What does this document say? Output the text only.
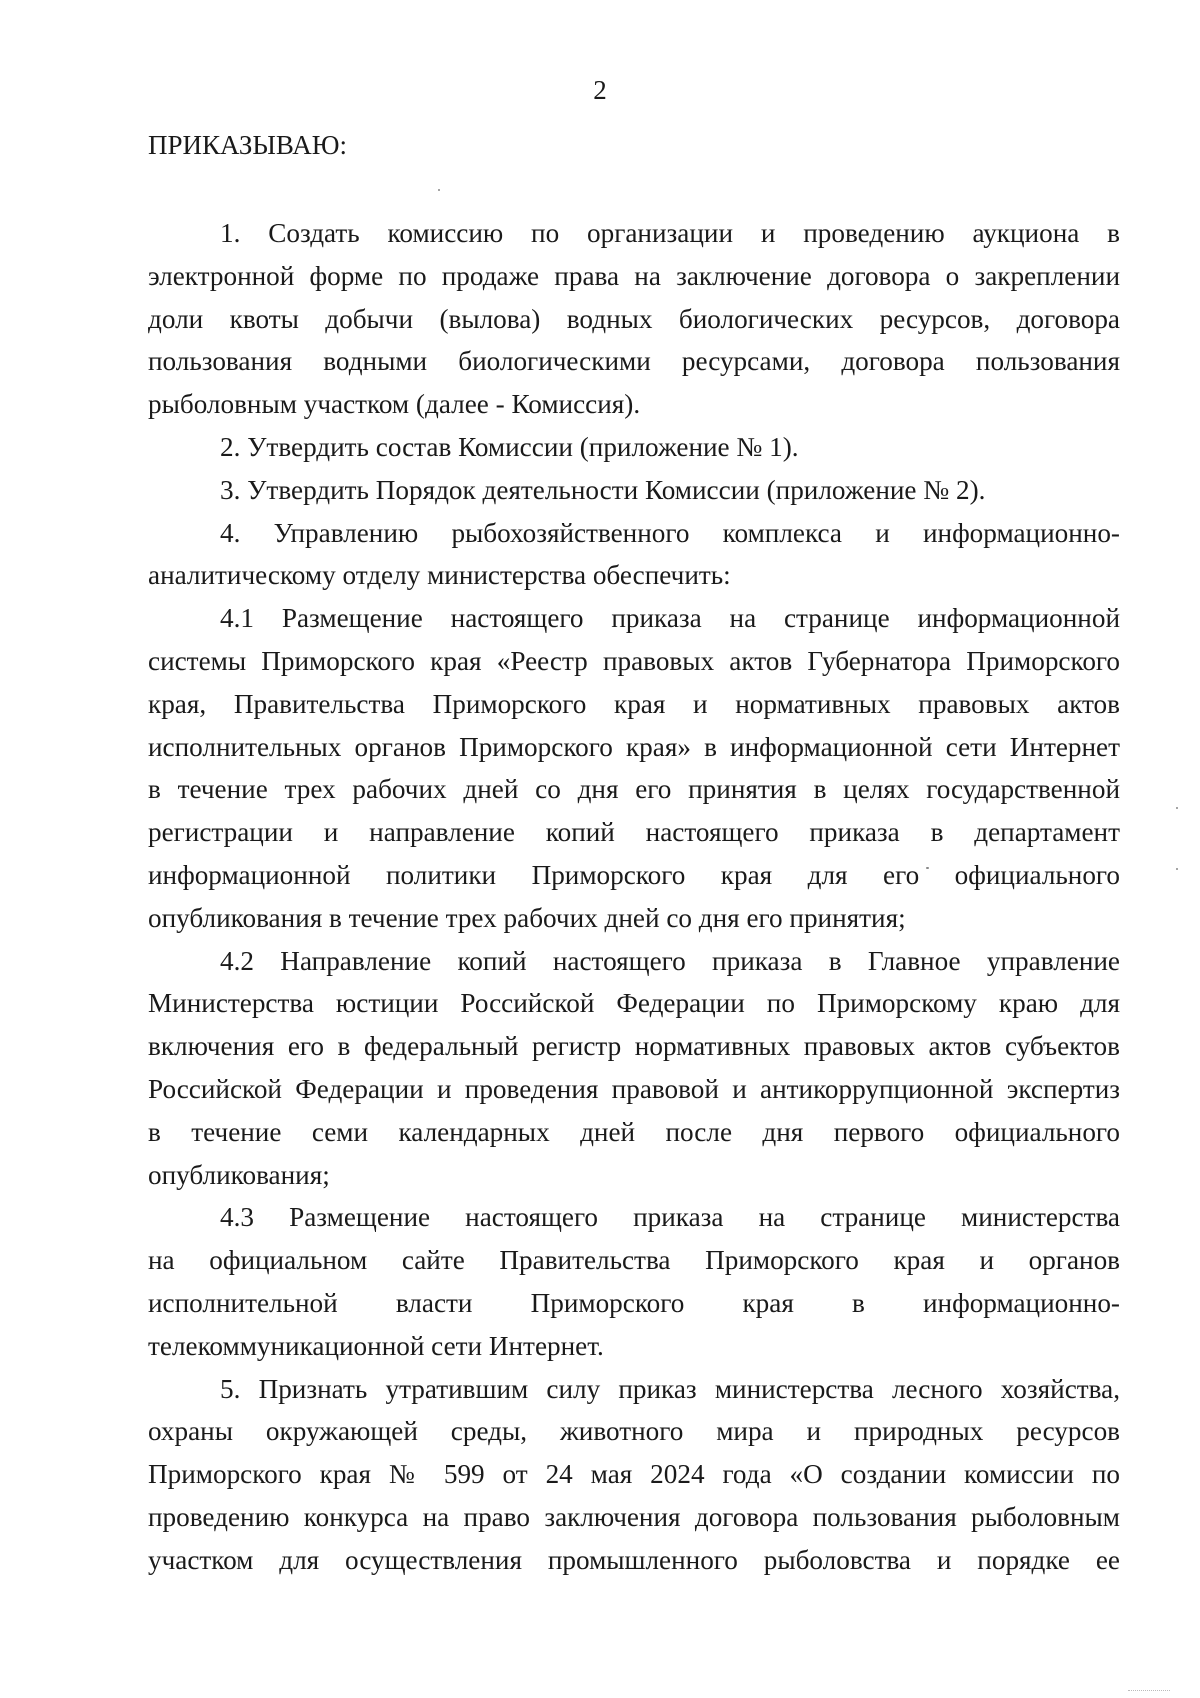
2
ПРИКАЗЫВАЮ:
1. Создать комиссию по организации и проведению аукциона в
электронной форме по продаже права на заключение договора о закреплении
доли квоты добычи (вылова) водных биологических ресурсов, договора
пользования водными биологическими ресурсами, договора пользования
рыболовным участком (далее - Комиссия).
2. Утвердить состав Комиссии (приложение № 1).
3. Утвердить Порядок деятельности Комиссии (приложение № 2).
4. Управлению рыбохозяйственного комплекса и информационно-
аналитическому отделу министерства обеспечить:
4.1 Размещение настоящего приказа на странице информационной
системы Приморского края «Реестр правовых актов Губернатора Приморского
края, Правительства Приморского края и нормативных правовых актов
исполнительных органов Приморского края» в информационной сети Интернет
в течение трех рабочих дней со дня его принятия в целях государственной
регистрации и направление копий настоящего приказа в департамент
информационной политики Приморского края для его официального
опубликования в течение трех рабочих дней со дня его принятия;
4.2 Направление копий настоящего приказа в Главное управление
Министерства юстиции Российской Федерации по Приморскому краю для
включения его в федеральный регистр нормативных правовых актов субъектов
Российской Федерации и проведения правовой и антикоррупционной экспертиз
в течение семи календарных дней после дня первого официального
опубликования;
4.3 Размещение настоящего приказа на странице министерства
на официальном сайте Правительства Приморского края и органов
исполнительной власти Приморского края в информационно-
телекоммуникационной сети Интернет.
5. Признать утратившим силу приказ министерства лесного хозяйства,
охраны окружающей среды, животного мира и природных ресурсов
Приморского края № 599 от 24 мая 2024 года «О создании комиссии по
проведению конкурса на право заключения договора пользования рыболовным
участком для осуществления промышленного рыболовства и порядке ее
